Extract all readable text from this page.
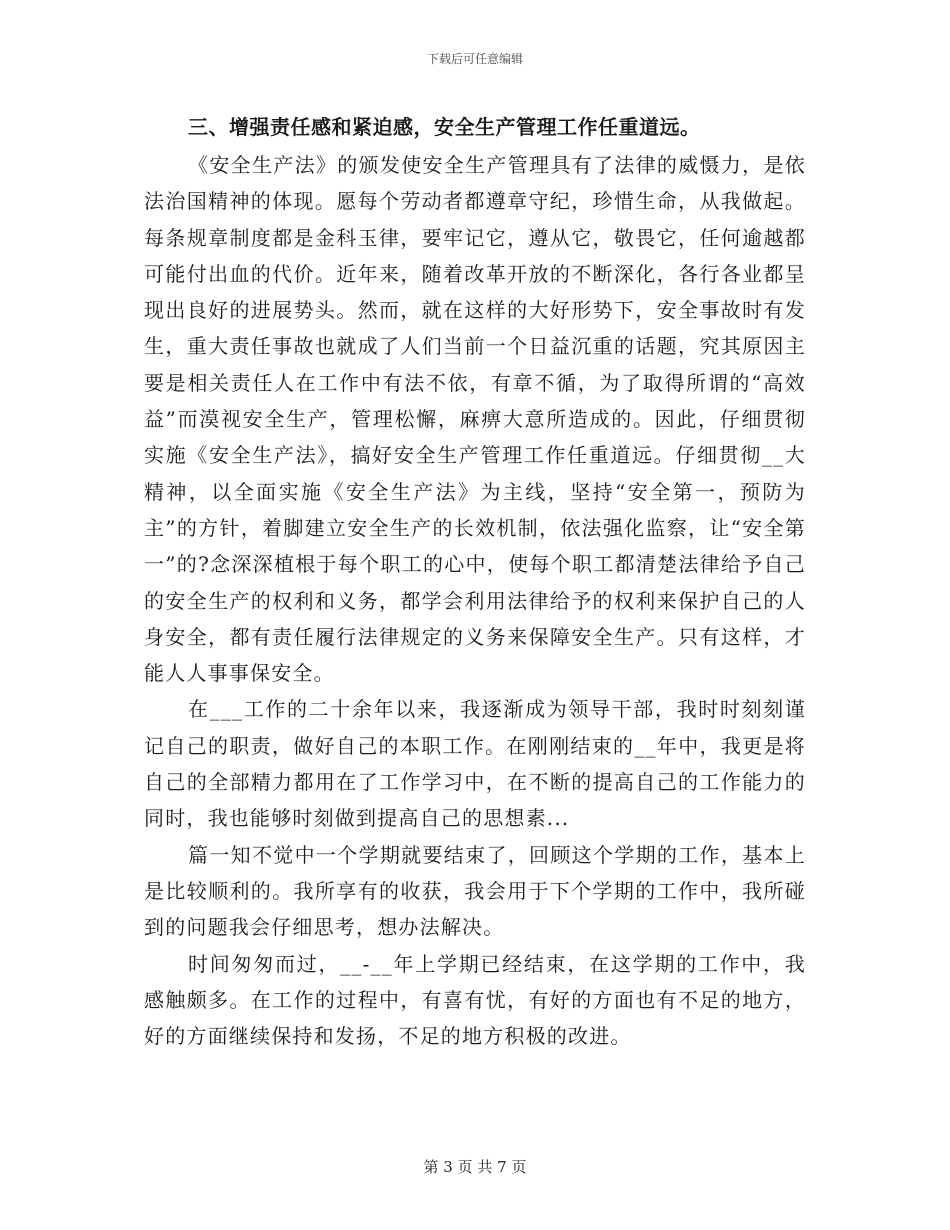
下载后可任意编辑

三、增强责任感和紧迫感，安全生产管理工作任重道远。

《安全生产法》的颁发使安全生产管理具有了法律的威慑力，是依法治国精神的体现。愿每个劳动者都遵章守纪，珍惜生命，从我做起。每条规章制度都是金科玉律，要牢记它，遵从它，敬畏它，任何逾越都可能付出血的代价。近年来，随着改革开放的不断深化，各行各业都呈现出良好的进展势头。然而，就在这样的大好形势下，安全事故时有发生，重大责任事故也就成了人们当前一个日益沉重的话题，究其原因主要是相关责任人在工作中有法不依，有章不循，为了取得所谓的“高效益”而漠视安全生产，管理松懈，麻痹大意所造成的。因此，仔细贯彻实施《安全生产法》，搞好安全生产管理工作任重道远。仔细贯彻__大精神，以全面实施《安全生产法》为主线，坚持“安全第一，预防为主”的方针，着脚建立安全生产的长效机制，依法强化监察，让“安全第一”的?念深深植根于每个职工的心中，使每个职工都清楚法律给予自己的安全生产的权利和义务，都学会利用法律给予的权利来保护自己的人身安全，都有责任履行法律规定的义务来保障安全生产。只有这样，才能人人事事保安全。

在___工作的二十余年以来，我逐渐成为领导干部，我时时刻刻谨记自己的职责，做好自己的本职工作。在刚刚结束的__年中，我更是将自己的全部精力都用在了工作学习中，在不断的提高自己的工作能力的同时，我也能够时刻做到提高自己的思想素...

篇一知不觉中一个学期就要结束了，回顾这个学期的工作，基本上是比较顺利的。我所享有的收获，我会用于下个学期的工作中，我所碰到的问题我会仔细思考，想办法解决。

时间匆匆而过，__-__年上学期已经结束，在这学期的工作中，我感触颇多。在工作的过程中，有喜有忧，有好的方面也有不足的地方，好的方面继续保持和发扬，不足的地方积极的改进。

第 3 页 共 7 页
